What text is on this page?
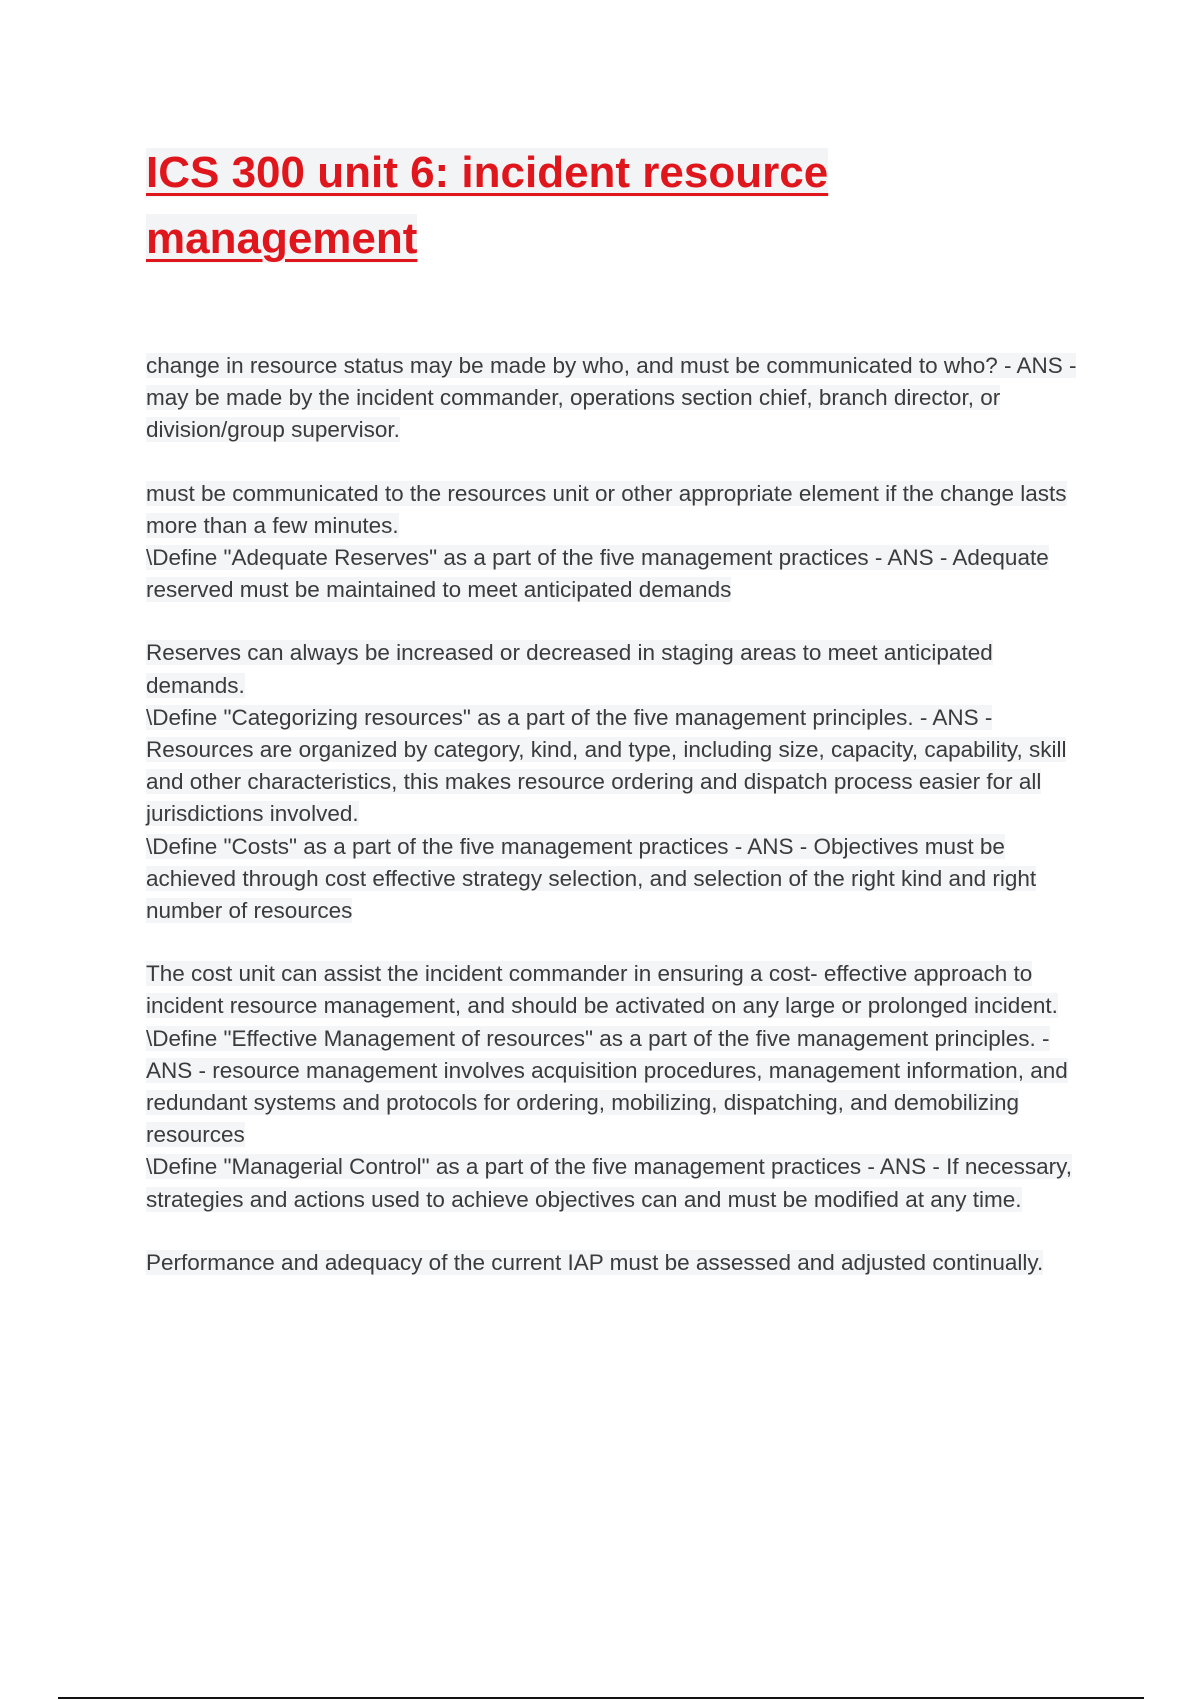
ICS 300 unit 6: incident resource management

change in resource status may be made by who, and must be communicated to who? - ANS - may be made by the incident commander, operations section chief, branch director, or division/group supervisor.

must be communicated to the resources unit or other appropriate element if the change lasts more than a few minutes.

\Define "Adequate Reserves" as a part of the five management practices - ANS - Adequate reserved must be maintained to meet anticipated demands

Reserves can always be increased or decreased in staging areas to meet anticipated demands.

\Define "Categorizing resources" as a part of the five management principles. - ANS - Resources are organized by category, kind, and type, including size, capacity, capability, skill and other characteristics, this makes resource ordering and dispatch process easier for all jurisdictions involved.

\Define "Costs" as a part of the five management practices - ANS - Objectives must be achieved through cost effective strategy selection, and selection of the right kind and right number of resources

The cost unit can assist the incident commander in ensuring a cost- effective approach to incident resource management, and should be activated on any large or prolonged incident.

\Define "Effective Management of resources" as a part of the five management principles. - ANS - resource management involves acquisition procedures, management information, and redundant systems and protocols for ordering, mobilizing, dispatching, and demobilizing resources

\Define "Managerial Control" as a part of the five management practices - ANS - If necessary, strategies and actions used to achieve objectives can and must be modified at any time.

Performance and adequacy of the current IAP must be assessed and adjusted continually.
